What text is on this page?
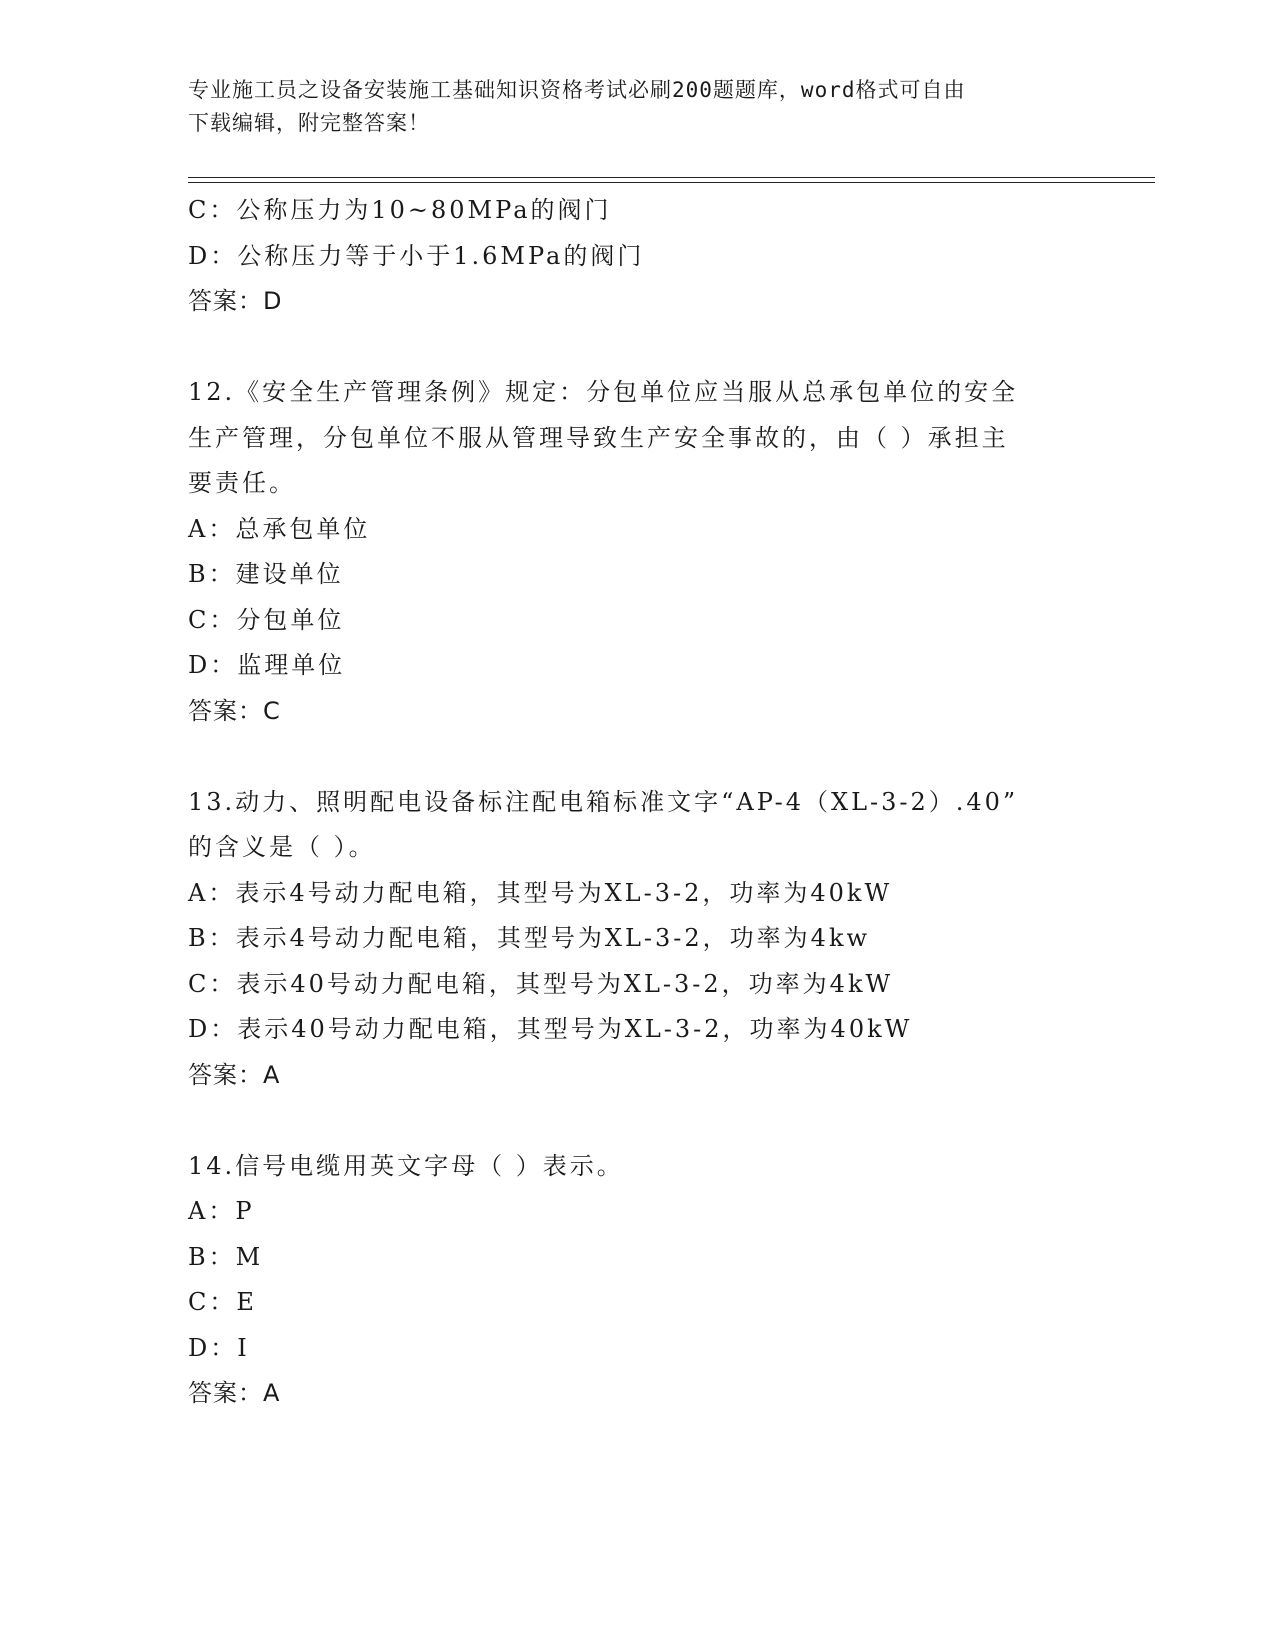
专业施工员之设备安装施工基础知识资格考试必刷200题题库，word格式可自由
下载编辑，附完整答案！
C：公称压力为10~80MPa的阀门
D：公称压力等于小于1.6MPa的阀门
答案：D
12.《安全生产管理条例》规定：分包单位应当服从总承包单位的安全
生产管理，分包单位不服从管理导致生产安全事故的，由（ ）承担主
要责任。
A：总承包单位
B：建设单位
C：分包单位
D：监理单位
答案：C
13.动力、照明配电设备标注配电箱标准文字“AP-4（XL-3-2）.40”
的含义是（ ）。
A：表示4号动力配电箱，其型号为XL-3-2，功率为40kW
B：表示4号动力配电箱，其型号为XL-3-2，功率为4kw
C：表示40号动力配电箱，其型号为XL-3-2，功率为4kW
D：表示40号动力配电箱，其型号为XL-3-2，功率为40kW
答案：A
14.信号电缆用英文字母（ ）表示。
A：P
B：M
C：E
D：I
答案：A
